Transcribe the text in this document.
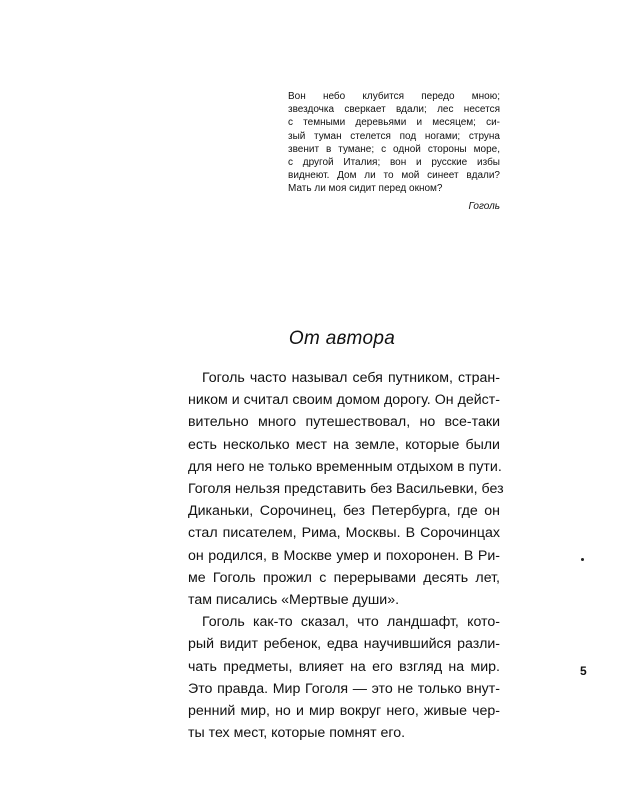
Вон небо клубится передо мною;
звездочка сверкает вдали; лес несется
с темными деревьями и месяцем; си-
зый туман стелется под ногами; струна
звенит в тумане; с одной стороны море,
с другой Италия; вон и русские избы
виднеют. Дом ли то мой синеет вдали?
Мать ли моя сидит перед окном?
Гоголь
От автора
Гоголь часто называл себя путником, стран-
ником и считал своим домом дорогу. Он дейст-
вительно много путешествовал, но все-таки
есть несколько мест на земле, которые были
для него не только временным отдыхом в пути.
Гоголя нельзя представить без Васильевки, без
Диканьки, Сорочинец, без Петербурга, где он
стал писателем, Рима, Москвы. В Сорочинцах
он родился, в Москве умер и похоронен. В Ри-
ме Гоголь прожил с перерывами десять лет,
там писались «Мертвые души».
Гоголь как-то сказал, что ландшафт, кото-
рый видит ребенок, едва научившийся разли-
чать предметы, влияет на его взгляд на мир.
Это правда. Мир Гоголя — это не только внут-
ренний мир, но и мир вокруг него, живые чер-
ты тех мест, которые помнят его.
5
